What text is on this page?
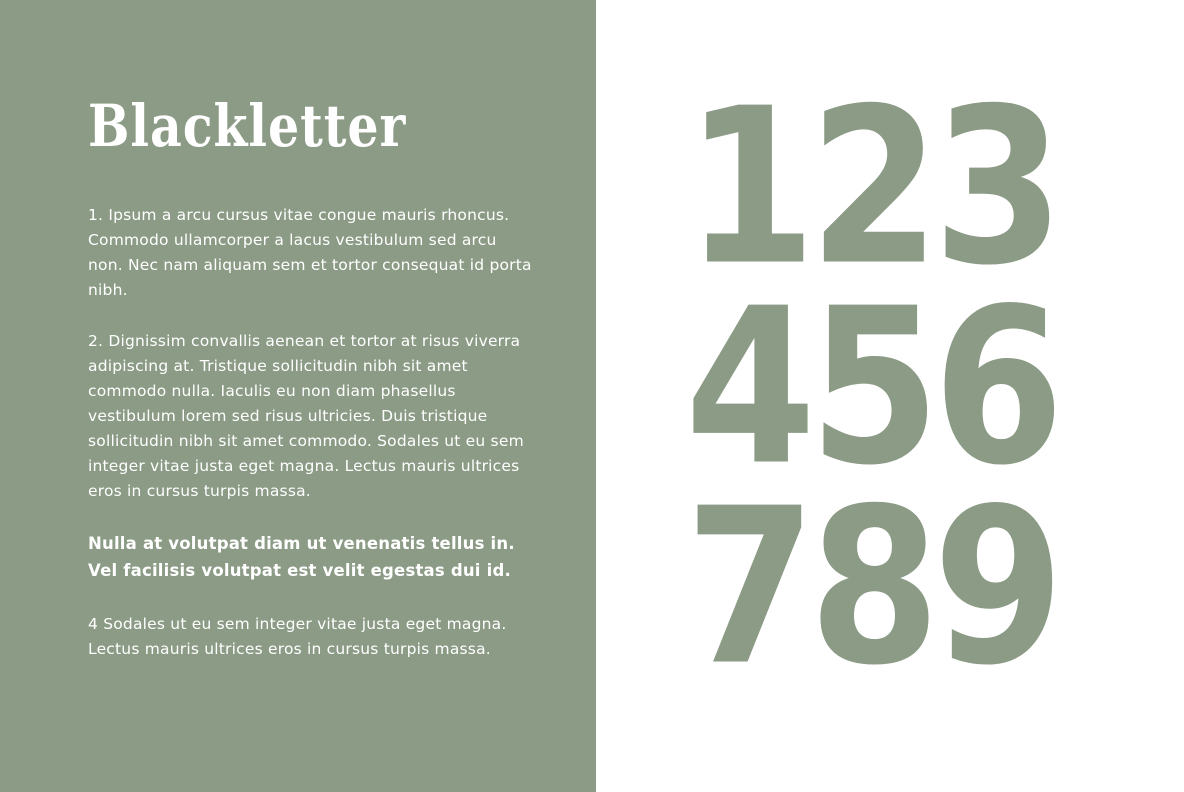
Blackletter

1. Ipsum a arcu cursus vitae congue mauris rhoncus. Commodo ullamcorper a lacus vestibulum sed arcu non. Nec nam aliquam sem et tortor consequat id porta nibh.

2. Dignissim convallis aenean et tortor at risus viverra adipiscing at. Tristique sollicitudin nibh sit amet commodo nulla. Iaculis eu non diam phasellus vestibulum lorem sed risus ultricies. Duis tristique sollicitudin nibh sit amet commodo. Sodales ut eu sem integer vitae justa eget magna. Lectus mauris ultrices eros in cursus turpis massa.

Nulla at volutpat diam ut venenatis tellus in. Vel facilisis volutpat est velit egestas dui id.

4 Sodales ut eu sem integer vitae justa eget magna. Lectus mauris ultrices eros in cursus turpis massa.

1
2
3
4
5
6
7
8
9
